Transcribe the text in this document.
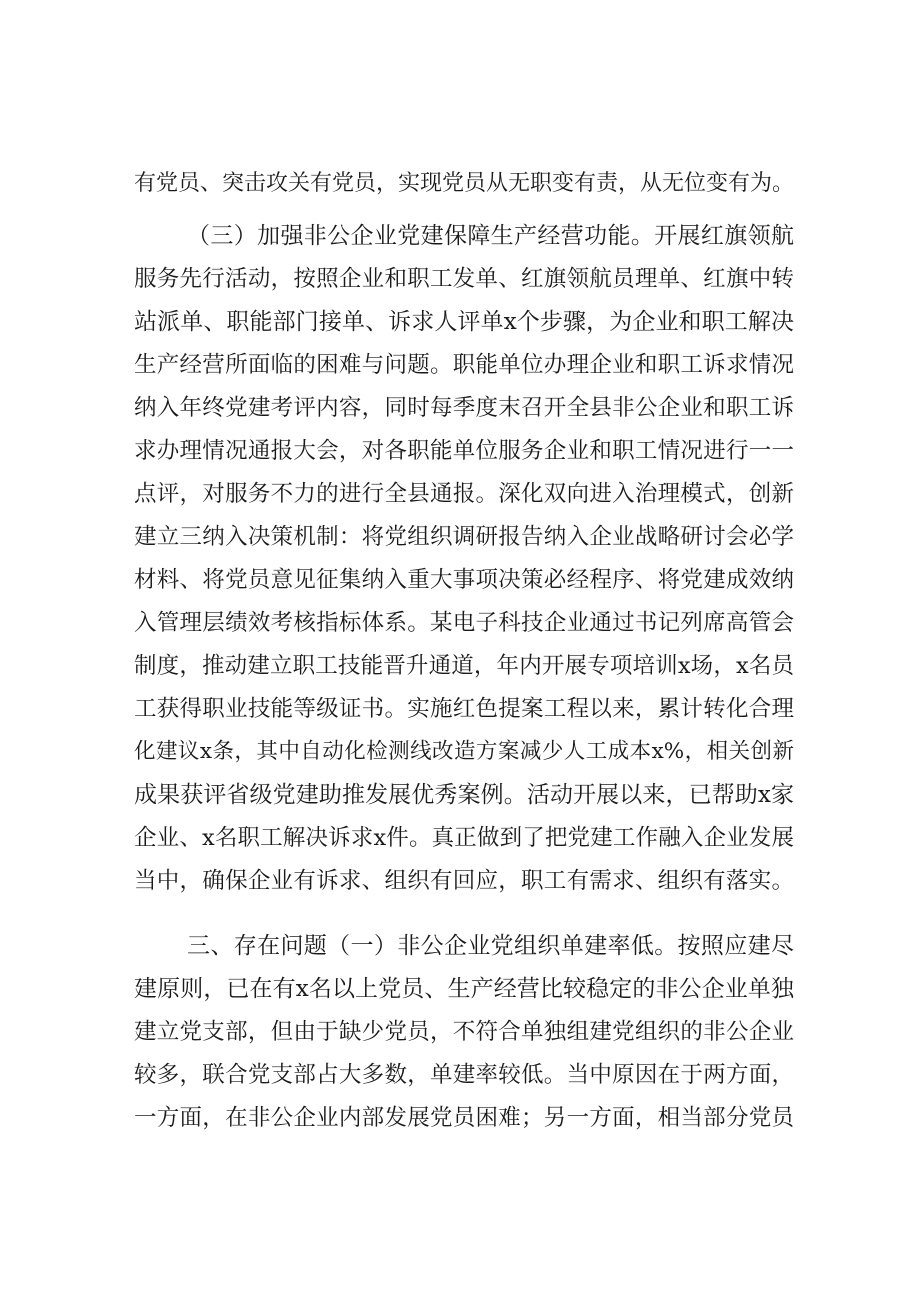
有党员、突击攻关有党员，实现党员从无职变有责，从无位变有为。
（三）加强非公企业党建保障生产经营功能。开展红旗领航
服务先行活动，按照企业和职工发单、红旗领航员理单、红旗中转
站派单、职能部门接单、诉求人评单x个步骤，为企业和职工解决
生产经营所面临的困难与问题。职能单位办理企业和职工诉求情况
纳入年终党建考评内容，同时每季度末召开全县非公企业和职工诉
求办理情况通报大会，对各职能单位服务企业和职工情况进行一一
点评，对服务不力的进行全县通报。深化双向进入治理模式，创新
建立三纳入决策机制：将党组织调研报告纳入企业战略研讨会必学
材料、将党员意见征集纳入重大事项决策必经程序、将党建成效纳
入管理层绩效考核指标体系。某电子科技企业通过书记列席高管会
制度，推动建立职工技能晋升通道，年内开展专项培训x场，x名员
工获得职业技能等级证书。实施红色提案工程以来，累计转化合理
化建议x条，其中自动化检测线改造方案减少人工成本x%，相关创新
成果获评省级党建助推发展优秀案例。活动开展以来，已帮助x家
企业、x名职工解决诉求x件。真正做到了把党建工作融入企业发展
当中，确保企业有诉求、组织有回应，职工有需求、组织有落实。
三、存在问题（一）非公企业党组织单建率低。按照应建尽
建原则，已在有x名以上党员、生产经营比较稳定的非公企业单独
建立党支部，但由于缺少党员，不符合单独组建党组织的非公企业
较多，联合党支部占大多数，单建率较低。当中原因在于两方面，
一方面，在非公企业内部发展党员困难；另一方面，相当部分党员
